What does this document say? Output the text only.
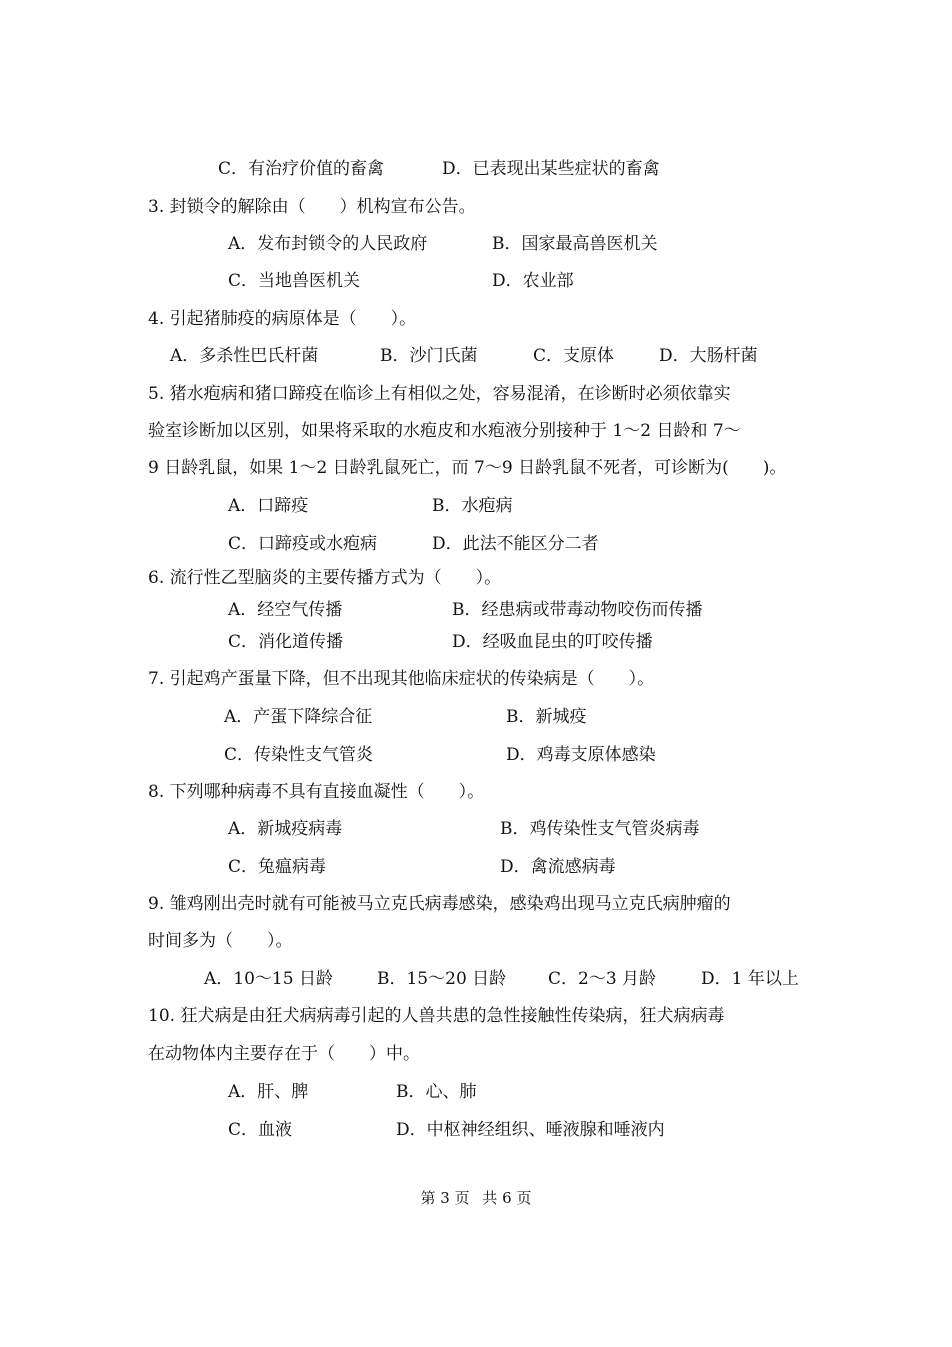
C．有治疗价值的畜禽	D．已表现出某些症状的畜禽
3. 封锁令的解除由（　　）机构宣布公告。
A．发布封锁令的人民政府	B．国家最高兽医机关
C．当地兽医机关	D．农业部
4. 引起猪肺疫的病原体是（　　）。
A．多杀性巴氏杆菌	B．沙门氏菌	C．支原体	D．大肠杆菌
5. 猪水疱病和猪口蹄疫在临诊上有相似之处，容易混淆，在诊断时必须依靠实
验室诊断加以区别，如果将采取的水疱皮和水疱液分别接种于 1～2 日龄和 7～
9 日龄乳鼠，如果 1～2 日龄乳鼠死亡，而 7～9 日龄乳鼠不死者，可诊断为(　　)。
A．口蹄疫	B．水疱病
C．口蹄疫或水疱病	D．此法不能区分二者
6. 流行性乙型脑炎的主要传播方式为（　　）。
A．经空气传播	B．经患病或带毒动物咬伤而传播
C．消化道传播	D．经吸血昆虫的叮咬传播
7. 引起鸡产蛋量下降，但不出现其他临床症状的传染病是（　　）。
A．产蛋下降综合征	B．新城疫
C．传染性支气管炎	D．鸡毒支原体感染
8. 下列哪种病毒不具有直接血凝性（　　）。
A．新城疫病毒	B．鸡传染性支气管炎病毒
C．兔瘟病毒	D．禽流感病毒
9. 雏鸡刚出壳时就有可能被马立克氏病毒感染，感染鸡出现马立克氏病肿瘤的
时间多为（　　）。
A．10～15 日龄	B．15～20 日龄 C．2～3 月龄	D．1 年以上
10. 狂犬病是由狂犬病病毒引起的人兽共患的急性接触性传染病，狂犬病病毒
在动物体内主要存在于（　　）中。
A．肝、脾	B．心、肺
C．血液	D．中枢神经组织、唾液腺和唾液内
第 3 页 共 6 页
